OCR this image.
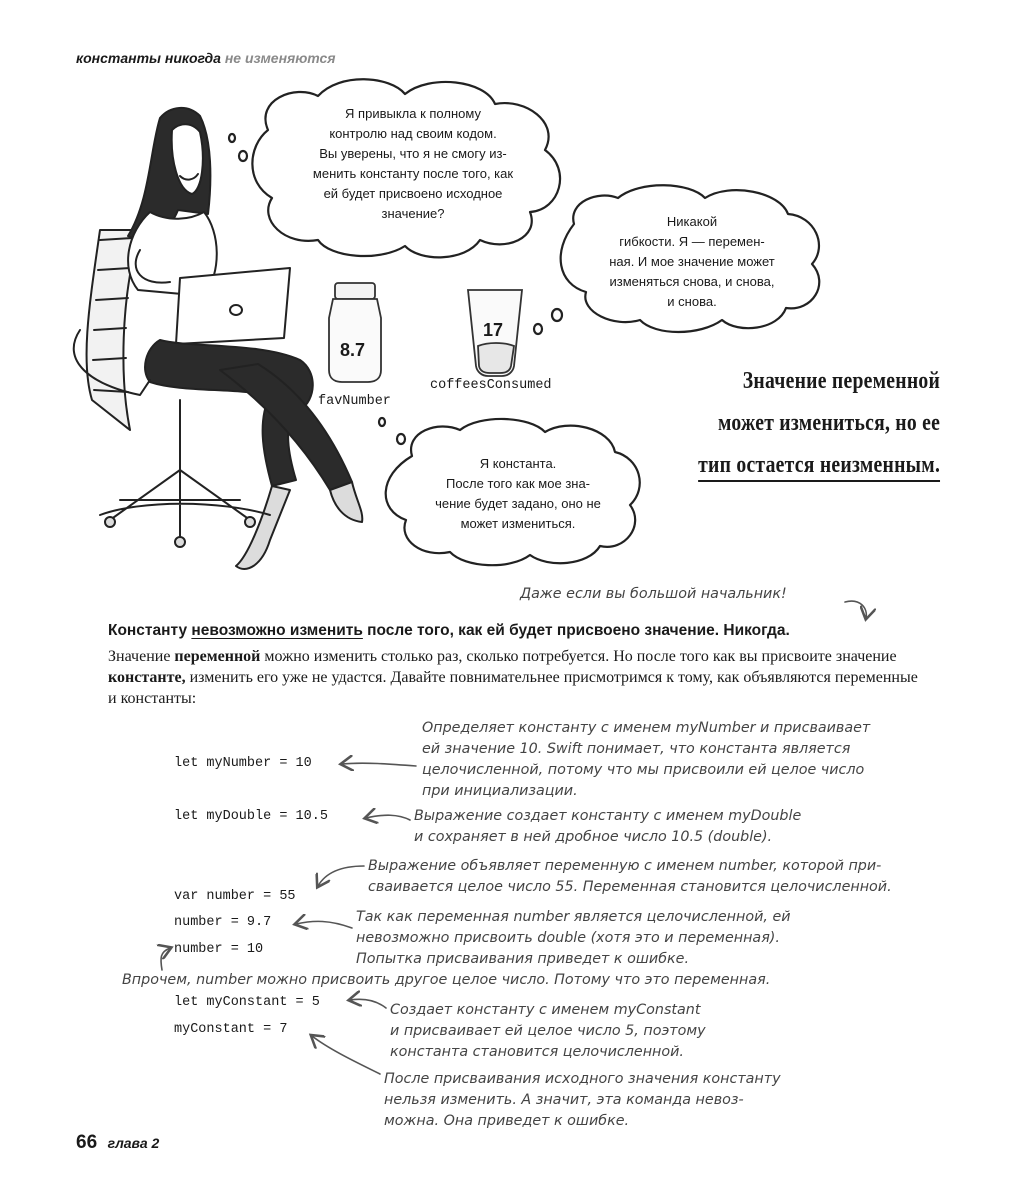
константы никогда не изменяются
Я привыкла к полному
контролю над своим кодом.
Вы уверены, что я не смогу из-
менить константу после того, как
ей будет присвоено исходное
значение?
Никакой
гибкости. Я — перемен-
ная. И мое значение может
изменяться снова, и снова,
и снова.
Я константа.
После того как мое зна-
чение будет задано, оно не
может измениться.
8.7
favNumber
17
coffeesConsumed	Значение переменной
может измениться, но ее
тип остается неизменным.
Даже если вы большой начальник!
Константу невозможно изменить после того, как ей будет присвоено значение. Никогда.
Значение переменной можно изменить столько раз, сколько потребуется. Но после того как вы присвоите значение константе, изменить его уже не удастся. Давайте повнимательнее присмотримся к тому, как объявляются переменные и константы:
let myNumber = 10
let myDouble = 10.5
var number = 55
number = 9.7
number = 10
let myConstant = 5
myConstant = 7
Определяет константу с именем myNumber и присваивает
ей значение 10. Swift понимает, что константа является
целочисленной, потому что мы присвоили ей целое число
при инициализации.
Выражение создает константу с именем myDouble
и сохраняет в ней дробное число 10.5 (double).
Выражение объявляет переменную с именем number, которой при-
сваивается целое число 55. Переменная становится целочисленной.
Так как переменная number является целочисленной, ей
невозможно присвоить double (хотя это и переменная).
Попытка присваивания приведет к ошибке.
Впрочем, number можно присвоить другое целое число. Потому что это переменная.
Создает константу с именем myConstant
и присваивает ей целое число 5, поэтому
константа становится целочисленной.
После присваивания исходного значения константу
нельзя изменить. А значит, эта команда невоз-
можна. Она приведет к ошибке.
66 глава 2
